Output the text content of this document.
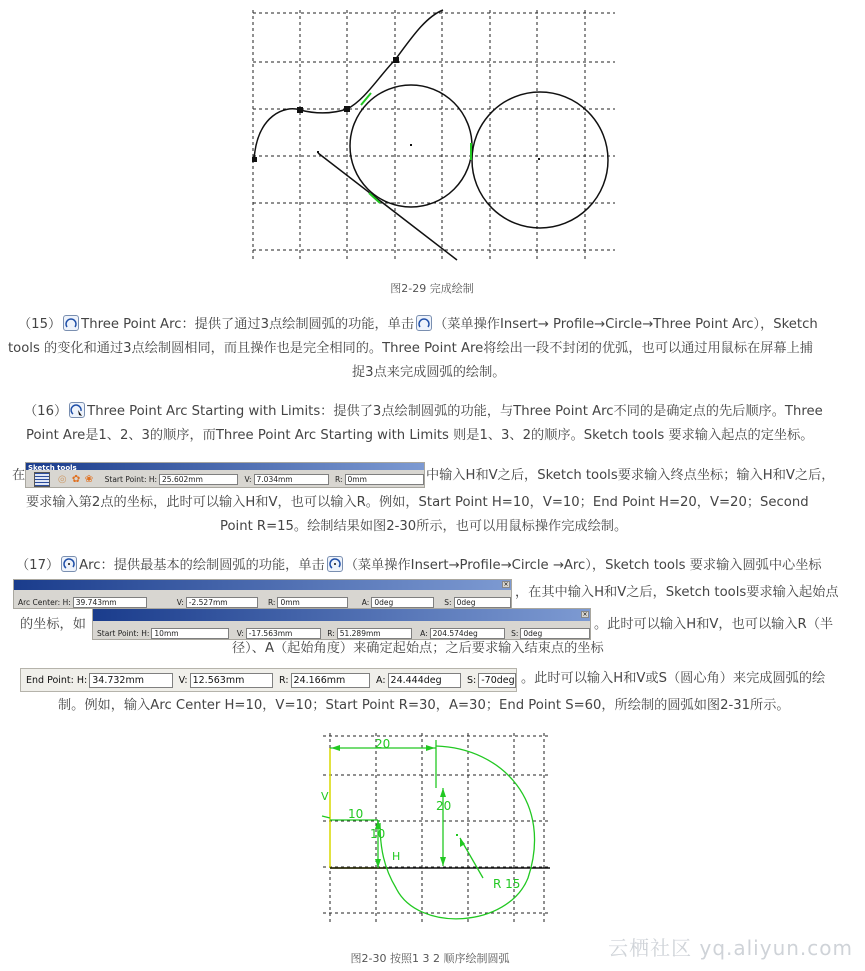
图2-29 完成绘制
（15） Three Point Arc：提供了通过3点绘制圆弧的功能，单击 （菜单操作Insert→ Profile→Circle→Three Point Arc），Sketch
tools 的变化和通过3点绘制圆相同，而且操作也是完全相同的。Three Point Are将绘出一段不封闭的优弧，也可以通过用鼠标在屏幕上捕
捉3点来完成圆弧的绘制。
（16） Three Point Arc Starting with Limits：提供了3点绘制圆弧的功能，与Three Point Arc不同的是确定点的先后顺序。Three
Point Are是1、2、3的顺序，而Three Point Arc Starting with Limits 则是1、3、2的顺序。Sketch tools 要求输入起点的定坐标。
在 Sketch tools
◎ ✿ ❀	Start Point: H: 25.602mm	V: 7.034mm	R: 0mm	中输入H和V之后，Sketch tools要求输入终点坐标；输入H和V之后，
要求输入第2点的坐标，此时可以输入H和V，也可以输入R。例如，Start Point H=10，V=10；End Point H=20，V=20；Second
Point R=15。绘制结果如图2-30所示，也可以用鼠标操作完成绘制。
（17） Arc：提供最基本的绘制圆弧的功能，单击 （菜单操作Insert→Profile→Circle →Arc），Sketch tools 要求输入圆弧中心坐标
×
Arc Center: H: 39.743mm	V: -2.527mm	R: 0mm	A: 0deg	S: 0deg
，在其中输入H和V之后，Sketch tools要求输入起始点
的坐标，如
×
Start Point: H: 10mm	V: -17.563mm	R: 51.289mm	A: 204.574deg	S: 0deg
。此时可以输入H和V，也可以输入R（半
径）、A（起始角度）来确定起始点；之后要求输入结束点的坐标
End Point: H: 34.732mm	V: 12.563mm	R: 24.166mm	A: 24.444deg	S: -70deg 。此时可以输入H和V或S（圆心角）来完成圆弧的绘
制。例如，输入Arc Center H=10，V=10；Start Point R=30，A=30；End Point S=60，所绘制的圆弧如图2-31所示。
20
10
20
10
V
H
R 15
图2-30 按照1 3 2 顺序绘制圆弧	云栖社区 yq.aliyun.com
